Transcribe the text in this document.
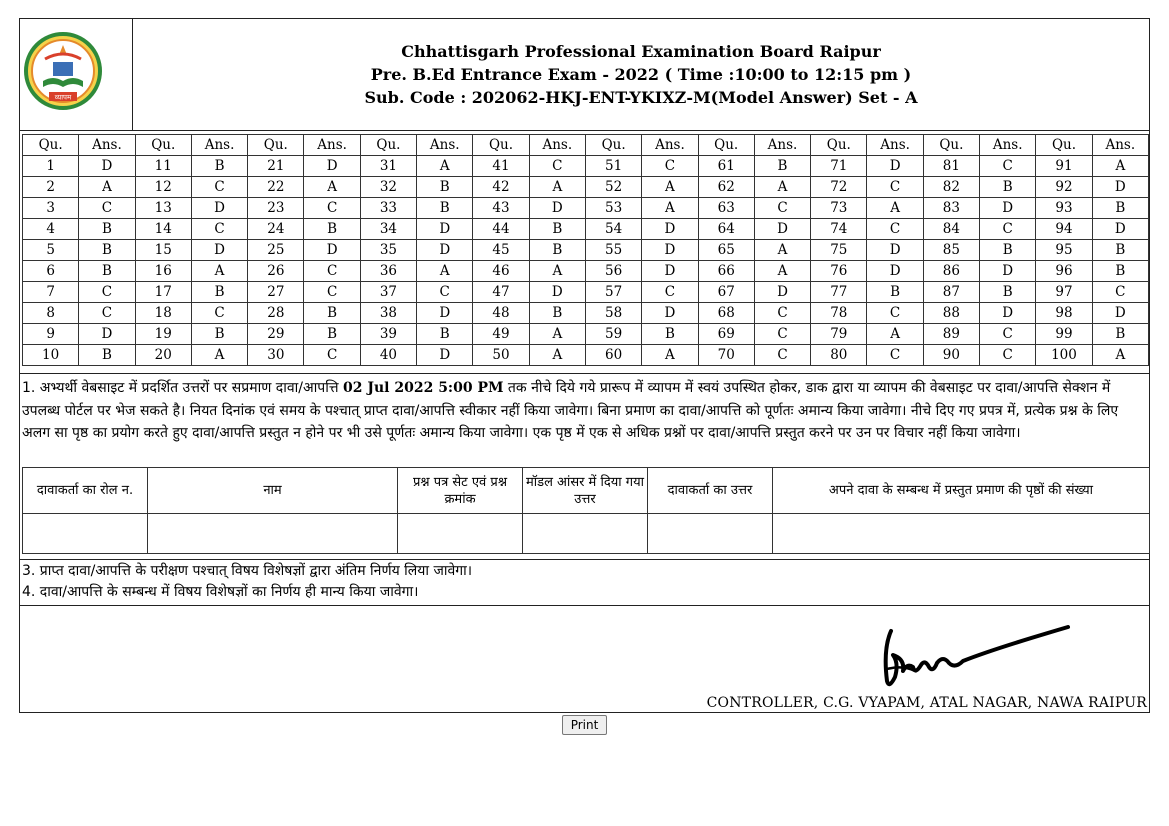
व्यापम
Chhattisgarh Professional Examination Board Raipur
Pre. B.Ed Entrance Exam - 2022 ( Time :10:00 to 12:15 pm )
Sub. Code : 202062-HKJ-ENT-YKIXZ-M(Model Answer) Set - A
Qu.	Ans.	Qu.	Ans.	Qu.	Ans.	Qu.	Ans.	Qu.	Ans.	Qu.	Ans.	Qu.	Ans.	Qu.	Ans.	Qu.	Ans.	Qu.	Ans.
1	D	11	B	21	D	31	A	41	C	51	C	61	B	71	D	81	C	91	A
2	A	12	C	22	A	32	B	42	A	52	A	62	A	72	C	82	B	92	D
3	C	13	D	23	C	33	B	43	D	53	A	63	C	73	A	83	D	93	B
4	B	14	C	24	B	34	D	44	B	54	D	64	D	74	C	84	C	94	D
5	B	15	D	25	D	35	D	45	B	55	D	65	A	75	D	85	B	95	B
6	B	16	A	26	C	36	A	46	A	56	D	66	A	76	D	86	D	96	B
7	C	17	B	27	C	37	C	47	D	57	C	67	D	77	B	87	B	97	C
8	C	18	C	28	B	38	D	48	B	58	D	68	C	78	C	88	D	98	D
9	D	19	B	29	B	39	B	49	A	59	B	69	C	79	A	89	C	99	B
10	B	20	A	30	C	40	D	50	A	60	A	70	C	80	C	90	C	100	A
1. अभ्यर्थी वेबसाइट में प्रदर्शित उत्तरों पर सप्रमाण दावा/आपत्ति 02 Jul 2022 5:00 PM तक नीचे दिये गये प्रारूप में व्यापम में स्वयं उपस्थित होकर, डाक द्वारा या व्यापम की वेबसाइट पर दावा/आपत्ति सेक्शन में उपलब्ध पोर्टल पर भेज सकते है। नियत दिनांक एवं समय के पश्चात् प्राप्त दावा/आपत्ति स्वीकार नहीं किया जावेगा। बिना प्रमाण का दावा/आपत्ति को पूर्णतः अमान्य किया जावेगा। नीचे दिए गए प्रपत्र में, प्रत्येक प्रश्न के लिए अलग सा पृष्ठ का प्रयोग करते हुए दावा/आपत्ति प्रस्तुत न होने पर भी उसे पूर्णतः अमान्य किया जावेगा। एक पृष्ठ में एक से अधिक प्रश्नों पर दावा/आपत्ति प्रस्तुत करने पर उन पर विचार नहीं किया जावेगा।
दावाकर्ता का रोल न.	नाम	प्रश्न पत्र सेट एवं प्रश्न क्रमांक	मॉडल आंसर में दिया गया उत्तर	दावाकर्ता का उत्तर	अपने दावा के सम्बन्ध में प्रस्तुत प्रमाण की पृष्ठों की संख्या

3. प्राप्त दावा/आपत्ति के परीक्षण पश्चात् विषय विशेषज्ञों द्वारा अंतिम निर्णय लिया जावेगा।
4. दावा/आपत्ति के सम्बन्ध में विषय विशेषज्ञों का निर्णय ही मान्य किया जावेगा।
CONTROLLER, C.G. VYAPAM, ATAL NAGAR, NAWA RAIPUR
Print
